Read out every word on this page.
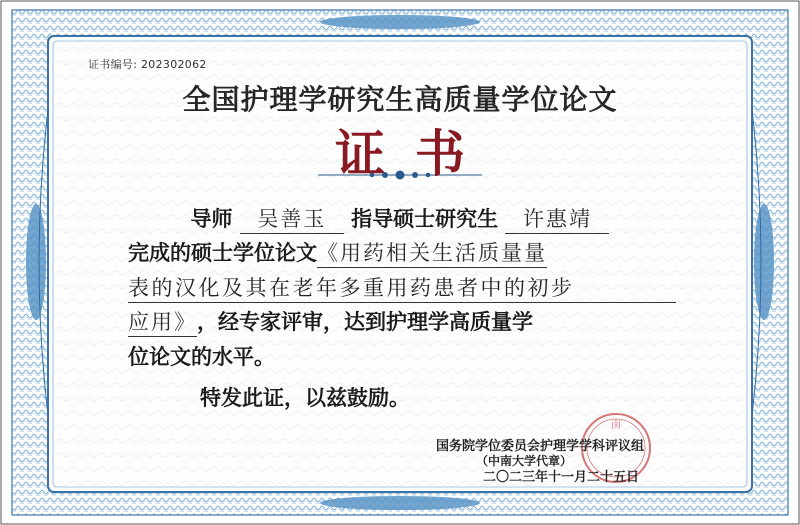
南
证书编号: 202302062
全国护理学研究生高质量学位论文
证书
导师 吴善玉 指导硕士研究生 许惠靖
完成的硕士学位论文《用药相关生活质量量
表的汉化及其在老年多重用药患者中的初步
应用》，经专家评审，达到护理学高质量学
位论文的水平。
特发此证，以兹鼓励。
国务院学位委员会护理学学科评议组
（中南大学代章）
二〇二三年十一月二十五日
